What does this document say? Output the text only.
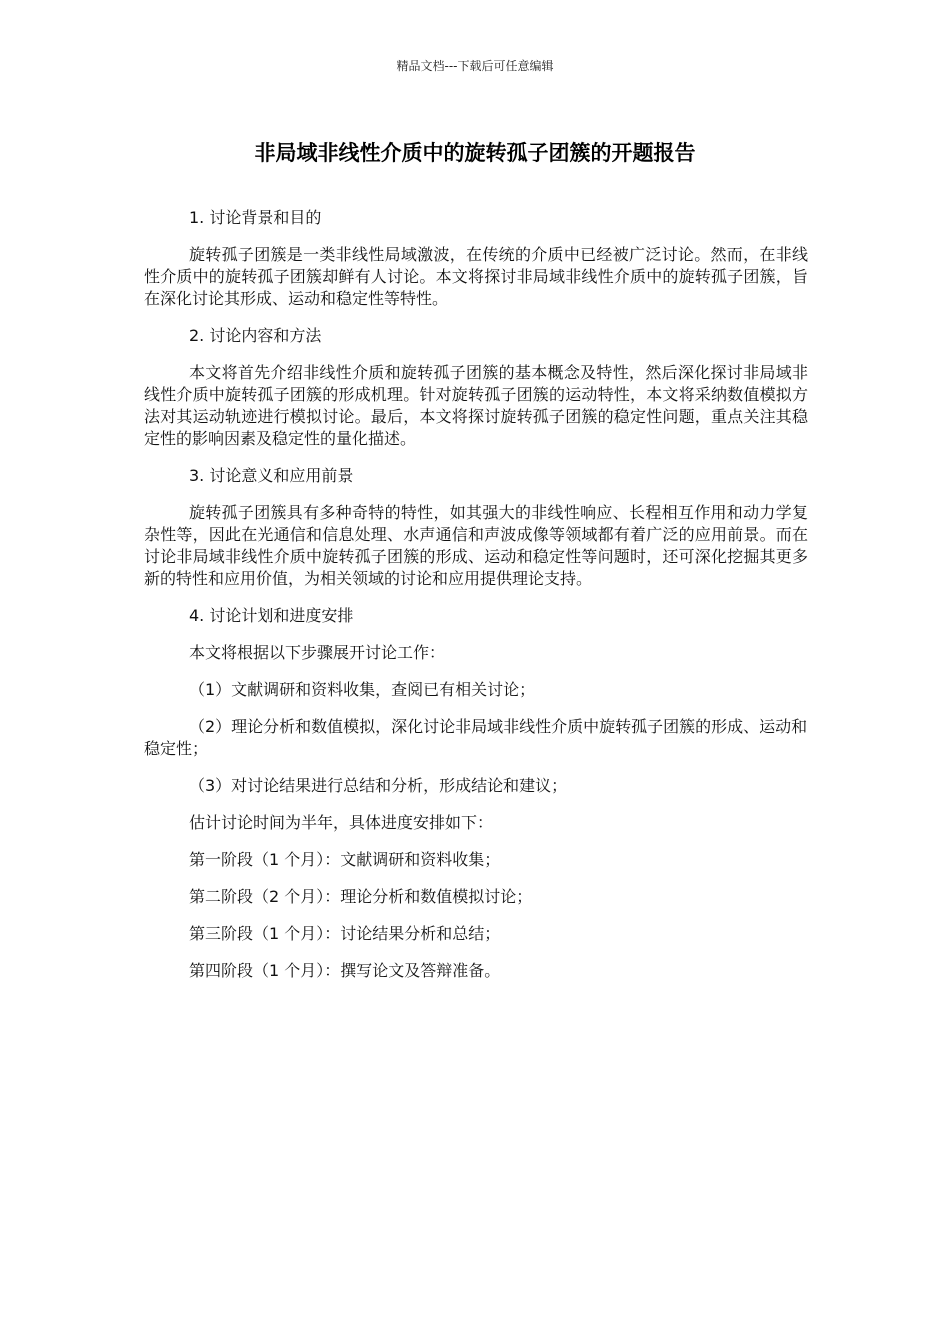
精品文档---下载后可任意编辑
非局域非线性介质中的旋转孤子团簇的开题报告
1. 讨论背景和目的
旋转孤子团簇是一类非线性局域激波，在传统的介质中已经被广泛讨论。然而，在非线性介质中的旋转孤子团簇却鲜有人讨论。本文将探讨非局域非线性介质中的旋转孤子团簇，旨在深化讨论其形成、运动和稳定性等特性。
2. 讨论内容和方法
本文将首先介绍非线性介质和旋转孤子团簇的基本概念及特性，然后深化探讨非局域非线性介质中旋转孤子团簇的形成机理。针对旋转孤子团簇的运动特性，本文将采纳数值模拟方法对其运动轨迹进行模拟讨论。最后，本文将探讨旋转孤子团簇的稳定性问题，重点关注其稳定性的影响因素及稳定性的量化描述。
3. 讨论意义和应用前景
旋转孤子团簇具有多种奇特的特性，如其强大的非线性响应、长程相互作用和动力学复杂性等，因此在光通信和信息处理、水声通信和声波成像等领域都有着广泛的应用前景。而在讨论非局域非线性介质中旋转孤子团簇的形成、运动和稳定性等问题时，还可深化挖掘其更多新的特性和应用价值，为相关领域的讨论和应用提供理论支持。
4. 讨论计划和进度安排
本文将根据以下步骤展开讨论工作：
（1）文献调研和资料收集，查阅已有相关讨论；
（2）理论分析和数值模拟，深化讨论非局域非线性介质中旋转孤子团簇的形成、运动和稳定性；
（3）对讨论结果进行总结和分析，形成结论和建议；
估计讨论时间为半年，具体进度安排如下：
第一阶段（1 个月）：文献调研和资料收集；
第二阶段（2 个月）：理论分析和数值模拟讨论；
第三阶段（1 个月）：讨论结果分析和总结；
第四阶段（1 个月）：撰写论文及答辩准备。
